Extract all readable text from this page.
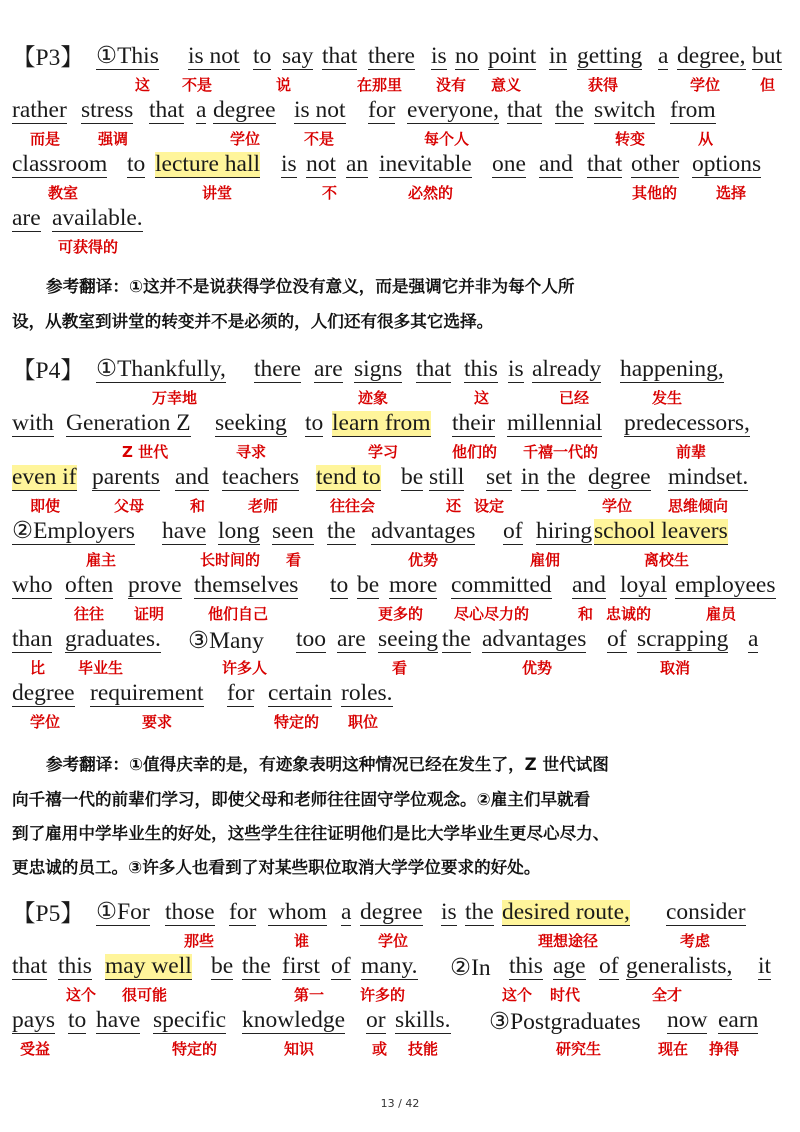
【P3】 ①This is not to say that there is no point in getting a degree, but
这 不是	说	在那里 没有 意义	获得	学位	但
rather stress that a degree is not for everyone, that the switch from
而是	强调	学位	不是	每个人	转变	从
classroom to lecture hall is not an inevitable one and that other options
教室	讲堂	不	必然的	其他的	选择
are available.
可获得的
参考翻译：①这并不是说获得学位没有意义，而是强调它并非为每个人所
设，从教室到讲堂的转变并不是必须的，人们还有很多其它选择。
【P4】 ①Thankfully, there are signs that this is already happening,
万幸地	迹象	这	已经	发生
with Generation Z seeking to learn from their millennial predecessors,
Z 世代	寻求	学习	他们的 千禧一代的	前辈
even if parents and teachers tend to be still set in the degree mindset.
即使	父母	和	老师	往往会	还 设定	学位 思维倾向
②Employers have long seen the advantages of hiring school leavers
雇主	长时间的 看	优势	雇佣	离校生
who often prove themselves to be more committed and loyal employees
往往 证明	他们自己	更多的 尽心尽力的	和 忠诚的	雇员
than graduates. ③Many too are seeing the advantages of scrapping a
比 毕业生	许多人	看	优势	取消
degree requirement for certain roles.
学位	要求	特定的 职位
参考翻译：①值得庆幸的是，有迹象表明这种情况已经在发生了，Z 世代试图
向千禧一代的前辈们学习，即使父母和老师往往固守学位观念。②雇主们早就看
到了雇用中学毕业生的好处，这些学生往往证明他们是比大学毕业生更尽心尽力、
更忠诚的员工。③许多人也看到了对某些职位取消大学学位要求的好处。
【P5】 ①For those for whom a degree is the desired route, consider
那些	谁	学位	理想途径	考虑
that this may well be the first of many. ②In this age of generalists, it
这个 很可能	第一 许多的	这个 时代	全才
pays to have specific knowledge or skills. ③Postgraduates now earn
受益	特定的	知识	或 技能	研究生	现在 挣得
13 / 42
